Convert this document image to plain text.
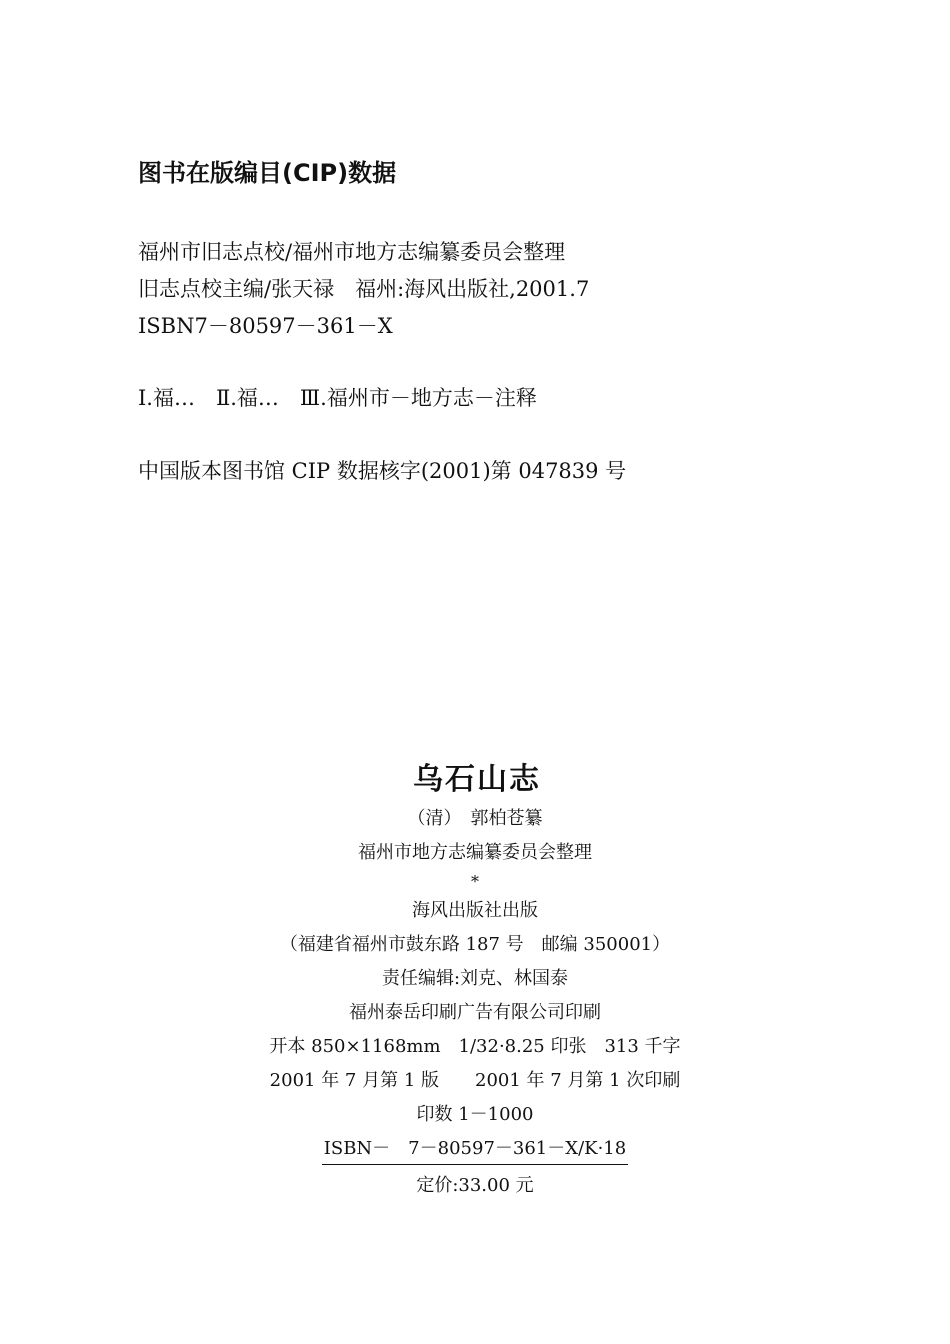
图书在版编目(CIP)数据
福州市旧志点校/福州市地方志编纂委员会整理
旧志点校主编/张天禄　福州:海风出版社,2001.7
ISBN7－80597－361－X
Ⅰ.福…　Ⅱ.福…　Ⅲ.福州市－地方志－注释
中国版本图书馆 CIP 数据核字(2001)第 047839 号
乌石山志
（清）　郭柏苍纂
福州市地方志编纂委员会整理
*
海风出版社出版
（福建省福州市鼓东路 187 号　邮编 350001）
责任编辑:刘克、林国泰
福州泰岳印刷广告有限公司印刷
开本 850×1168mm　1/32·8.25 印张　313 千字
2001 年 7 月第 1 版　　2001 年 7 月第 1 次印刷
印数 1－1000
ISBN－　7－80597－361－X/K·18
定价:33.00 元
